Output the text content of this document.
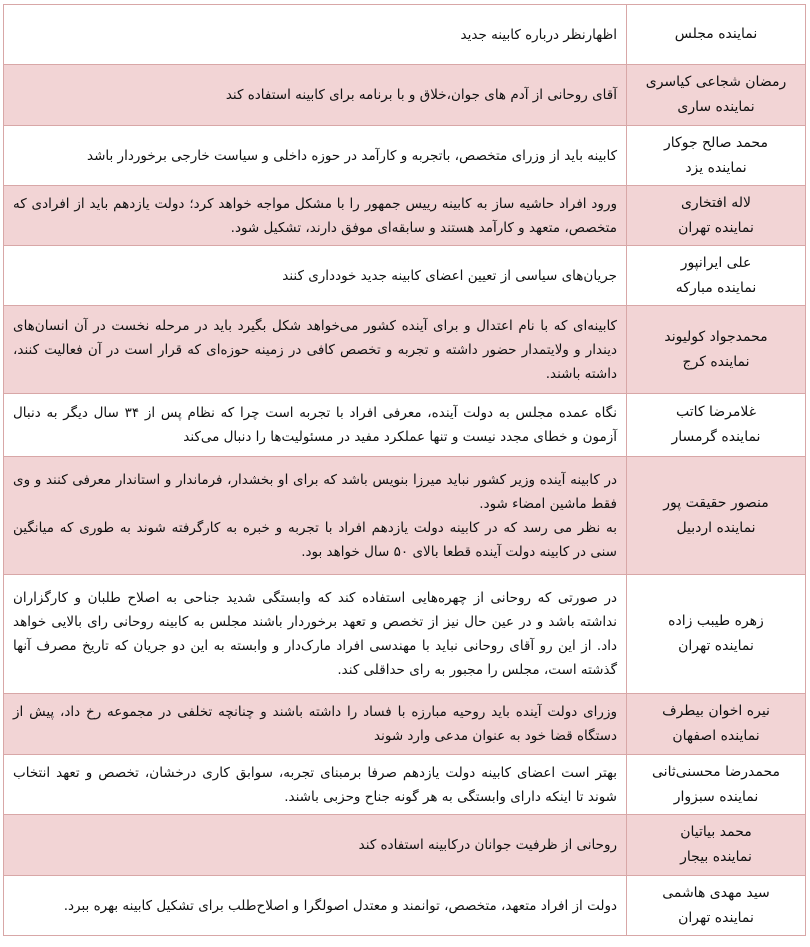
نماینده مجلس	اظهارنظر درباره کابینه جدید

رمضان شجاعی کیاسری
نماینده ساری	آقای روحانی از آدم های جوان،خلاق و با برنامه برای کابینه استفاده کند

محمد صالح جوکار
نماینده یزد	کابینه باید از وزرای متخصص، باتجربه و کارآمد در حوزه داخلی و سیاست خارجی برخوردار باشد

لاله افتخاری
نماینده تهران	ورود افراد حاشیه ساز به کابینه رییس جمهور را با مشکل مواجه خواهد کرد؛ دولت یازدهم باید از افرادی که متخصص، متعهد و کارآمد هستند و سابقه‌ای موفق دارند، تشکیل شود.

علی ایرانپور
نماینده مبارکه	جریان‌های سیاسی از تعیین اعضای کابینه جدید خودداری کنند

محمدجواد کولیوند
نماینده کرج	کابینه‌ای که با نام اعتدال و برای آینده کشور می‌خواهد شکل بگیرد باید در مرحله نخست در آن انسان‌های دیندار و ولایتمدار حضور داشته و تجربه و تخصص کافی در زمینه حوزه‌ای که قرار است در آن فعالیت کنند، داشته باشند.

غلامرضا کاتب
نماینده گرمسار	نگاه عمده مجلس به دولت آینده، معرفی افراد با تجربه است چرا که نظام پس از ۳۴ سال دیگر به دنبال آزمون و خطای مجدد نیست و تنها عملکرد مفید در مسئولیت‌ها را دنبال می‌کند

منصور حقیقت پور
نماینده اردبیل	در کابینه آینده وزیر کشور نباید میرزا بنویس باشد که برای او بخشدار، فرماندار و استاندار معرفی کنند و وی فقط ماشین امضاء شود.
به نظر می رسد که در کابینه دولت یازدهم افراد با تجربه و خبره به کارگرفته شوند به طوری که میانگین سنی در کابینه دولت آینده قطعا بالای ۵۰ سال خواهد بود.

زهره طیبب زاده
نماینده تهران	در صورتی که روحانی از چهره‌هایی استفاده کند که وابستگی شدید جناحی به اصلاح طلبان و کارگزاران نداشته باشد و در عین حال نیز از تخصص و تعهد برخوردار باشند مجلس به کابینه روحانی رای بالایی خواهد داد. از این رو آقای روحانی نباید با مهندسی افراد مارک‌دار و وابسته به این دو جریان که تاریخ مصرف آنها گذشته است، مجلس را مجبور به رای حداقلی کند.

نیره اخوان بیطرف
نماینده اصفهان	وزرای دولت آینده باید روحیه مبارزه با فساد را داشته باشند و چنانچه تخلفی در مجموعه رخ داد، پیش از دستگاه قضا خود به عنوان مدعی وارد شوند

محمدرضا محسنی‌ثانی
نماینده سبزوار	بهتر است اعضای کابینه دولت یازدهم صرفا برمبنای تجربه، سوابق کاری درخشان، تخصص و تعهد انتخاب شوند تا اینکه دارای وابستگی به هر گونه جناح وحزبی باشند.

محمد بیاتیان
نماینده بیجار	روحانی از ظرفیت جوانان درکابینه استفاده کند

سید مهدی هاشمی
نماینده تهران	دولت از افراد متعهد، متخصص، توانمند و معتدل اصولگرا و اصلاح‌طلب برای تشکیل کابینه بهره ببرد.
